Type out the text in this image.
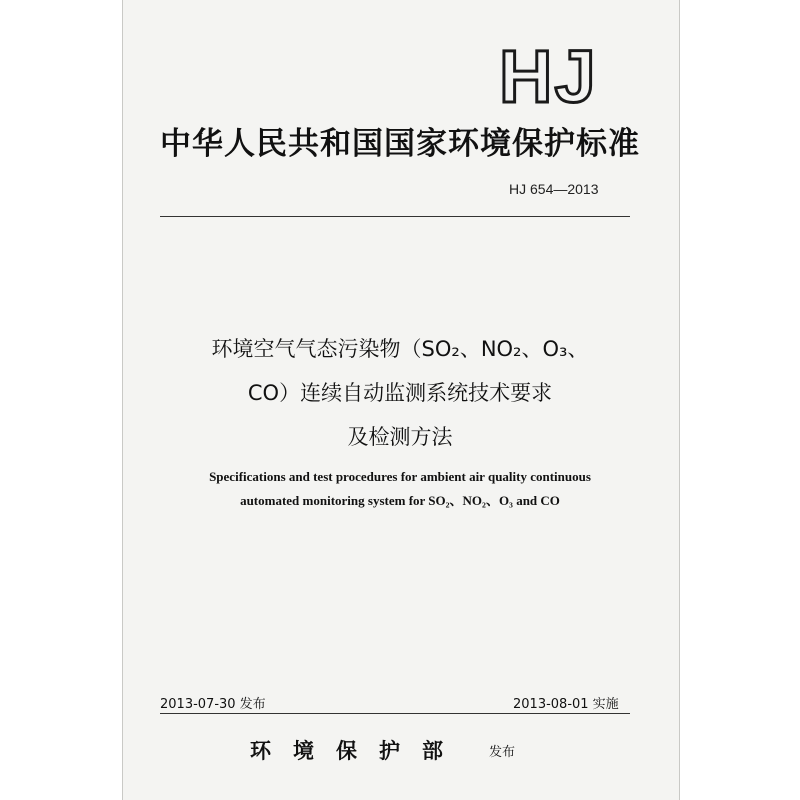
HJ
中华人民共和国国家环境保护标准
HJ 654—2013
环境空气气态污染物（SO₂、NO₂、O₃、
CO）连续自动监测系统技术要求
及检测方法
Specifications and test procedures for ambient air quality continuous
automated monitoring system for SO₂、NO₂、O₃ and CO
2013-07-30 发布	2013-08-01 实施
环境保护部 发布
